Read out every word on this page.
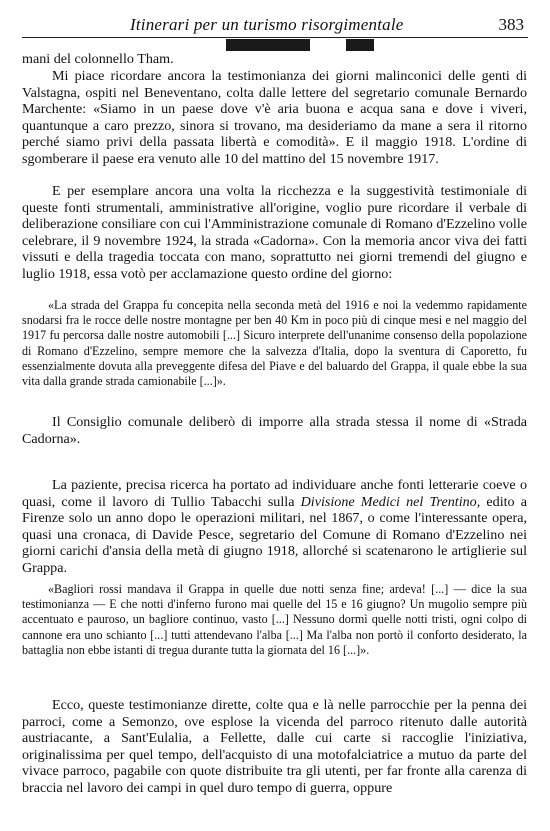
Itinerari per un turismo risorgimentale	383

mani del colonnello Tham.

Mi piace ricordare ancora la testimonianza dei giorni malinconici delle genti di Valstagna, ospiti nel Beneventano, colta dalle lettere del segretario comunale Bernardo Marchente: «Siamo in un paese dove v'è aria buona e acqua sana e dove i viveri, quantunque a caro prezzo, sinora si trovano, ma desideriamo da mane a sera il ritorno perché siamo privi della passata libertà e comodità». E il maggio 1918. L'ordine di sgomberare il paese era venuto alle 10 del mattino del 15 novembre 1917.

E per esemplare ancora una volta la ricchezza e la suggestività testimoniale di queste fonti strumentali, amministrative all'origine, voglio pure ricordare il verbale di deliberazione consiliare con cui l'Amministrazione comunale di Romano d'Ezzelino volle celebrare, il 9 novembre 1924, la strada «Cadorna». Con la memoria ancor viva dei fatti vissuti e della tragedia toccata con mano, soprattutto nei giorni tremendi del giugno e luglio 1918, essa votò per acclamazione questo ordine del giorno:

«La strada del Grappa fu concepita nella seconda metà del 1916 e noi la vedemmo rapidamente snodarsi fra le rocce delle nostre montagne per ben 40 Km in poco più di cinque mesi e nel maggio del 1917 fu percorsa dalle nostre automobili [...] Sicuro interprete dell'unanime consenso della popolazione di Romano d'Ezzelino, sempre memore che la salvezza d'Italia, dopo la sventura di Caporetto, fu essenzialmente dovuta alla preveggente difesa del Piave e del baluardo del Grappa, il quale ebbe la sua vita dalla grande strada camionabile [...]».

Il Consiglio comunale deliberò di imporre alla strada stessa il nome di «Strada Cadorna».

La paziente, precisa ricerca ha portato ad individuare anche fonti letterarie coeve o quasi, come il lavoro di Tullio Tabacchi sulla Divisione Medici nel Trentino, edito a Firenze solo un anno dopo le operazioni militari, nel 1867, o come l'interessante opera, quasi una cronaca, di Davide Pesce, segretario del Comune di Romano d'Ezzelino nei giorni carichi d'ansia della metà di giugno 1918, allorché si scatenarono le artiglierie sul Grappa.

«Bagliori rossi mandava il Grappa in quelle due notti senza fine; ardeva! [...] — dice la sua testimonianza — E che notti d'inferno furono mai quelle del 15 e 16 giugno? Un mugolio sempre più accentuato e pauroso, un bagliore continuo, vasto [...] Nessuno dormì quelle notti tristi, ogni colpo di cannone era uno schianto [...] tutti attendevano l'alba [...] Ma l'alba non portò il conforto desiderato, la battaglia non ebbe istanti di tregua durante tutta la giornata del 16 [...]».

Ecco, queste testimonianze dirette, colte qua e là nelle parrocchie per la penna dei parroci, come a Semonzo, ove esplose la vicenda del parroco ritenuto dalle autorità austriacante, a Sant'Eulalia, a Fellette, dalle cui carte si raccoglie l'iniziativa, originalissima per quel tempo, dell'acquisto di una motofalciatrice a mutuo da parte del vivace parroco, pagabile con quote distribuite tra gli utenti, per far fronte alla carenza di braccia nel lavoro dei campi in quel duro tempo di guerra, oppure
